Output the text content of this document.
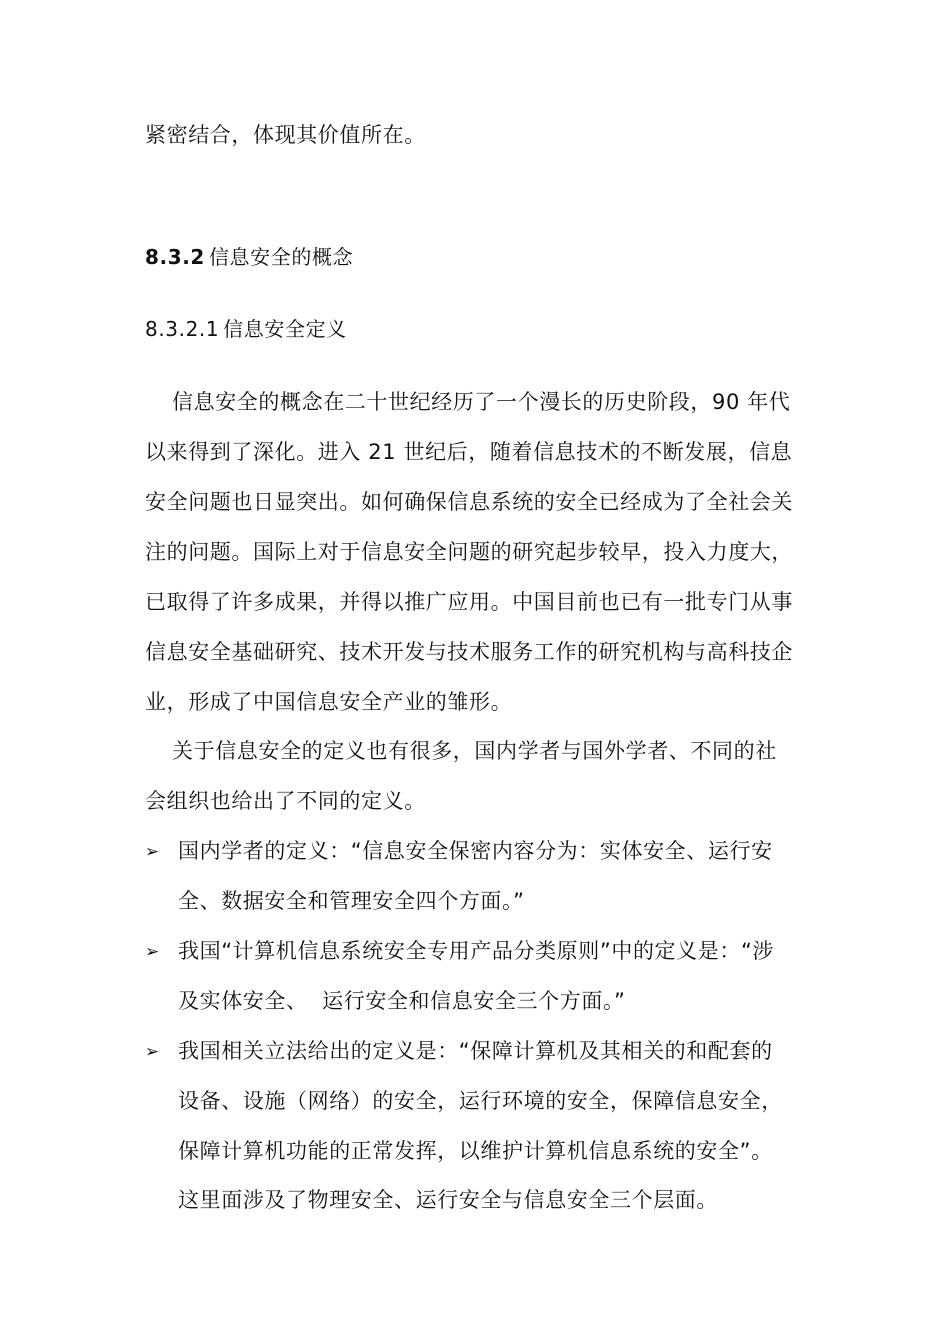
紧密结合，体现其价值所在。
8.3.2 信息安全的概念
8.3.2.1 信息安全定义
信息安全的概念在二十世纪经历了一个漫长的历史阶段，90 年代
以来得到了深化。进入 21 世纪后，随着信息技术的不断发展，信息
安全问题也日显突出。如何确保信息系统的安全已经成为了全社会关
注的问题。国际上对于信息安全问题的研究起步较早，投入力度大，
已取得了许多成果，并得以推广应用。中国目前也已有一批专门从事
信息安全基础研究、技术开发与技术服务工作的研究机构与高科技企
业，形成了中国信息安全产业的雏形。
关于信息安全的定义也有很多，国内学者与国外学者、不同的社
会组织也给出了不同的定义。
➢ 国内学者的定义：“信息安全保密内容分为：实体安全、运行安
全、数据安全和管理安全四个方面。”
➢ 我国“计算机信息系统安全专用产品分类原则”中的定义是：“涉
及实体安全、  运行安全和信息安全三个方面。”
➢ 我国相关立法给出的定义是：“保障计算机及其相关的和配套的
设备、设施（网络）的安全，运行环境的安全，保障信息安全，
保障计算机功能的正常发挥，以维护计算机信息系统的安全”。
这里面涉及了物理安全、运行安全与信息安全三个层面。
